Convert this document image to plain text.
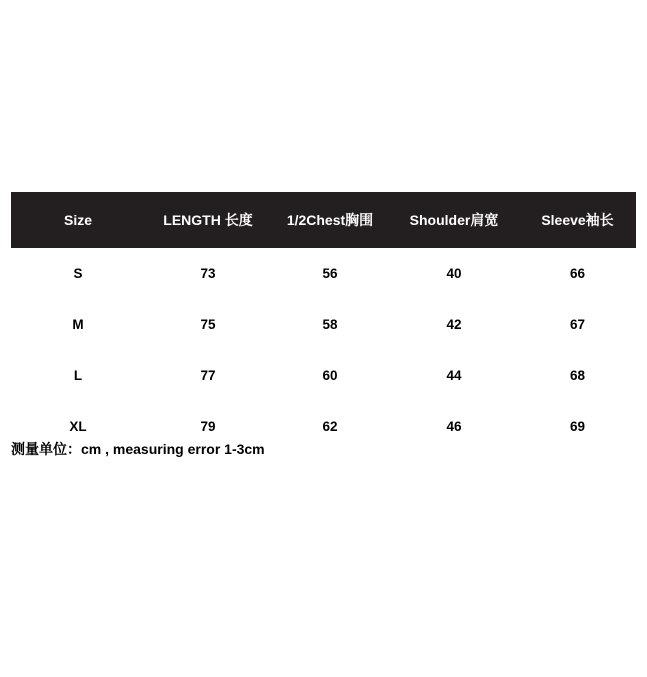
Size	LENGTH 长度	1/2Chest胸围	Shoulder肩宽	Sleeve袖长
S	73	56	40	66
M	75	58	42	67
L	77	60	44	68
XL	79	62	46	69
测量单位：cm , measuring error 1-3cm
